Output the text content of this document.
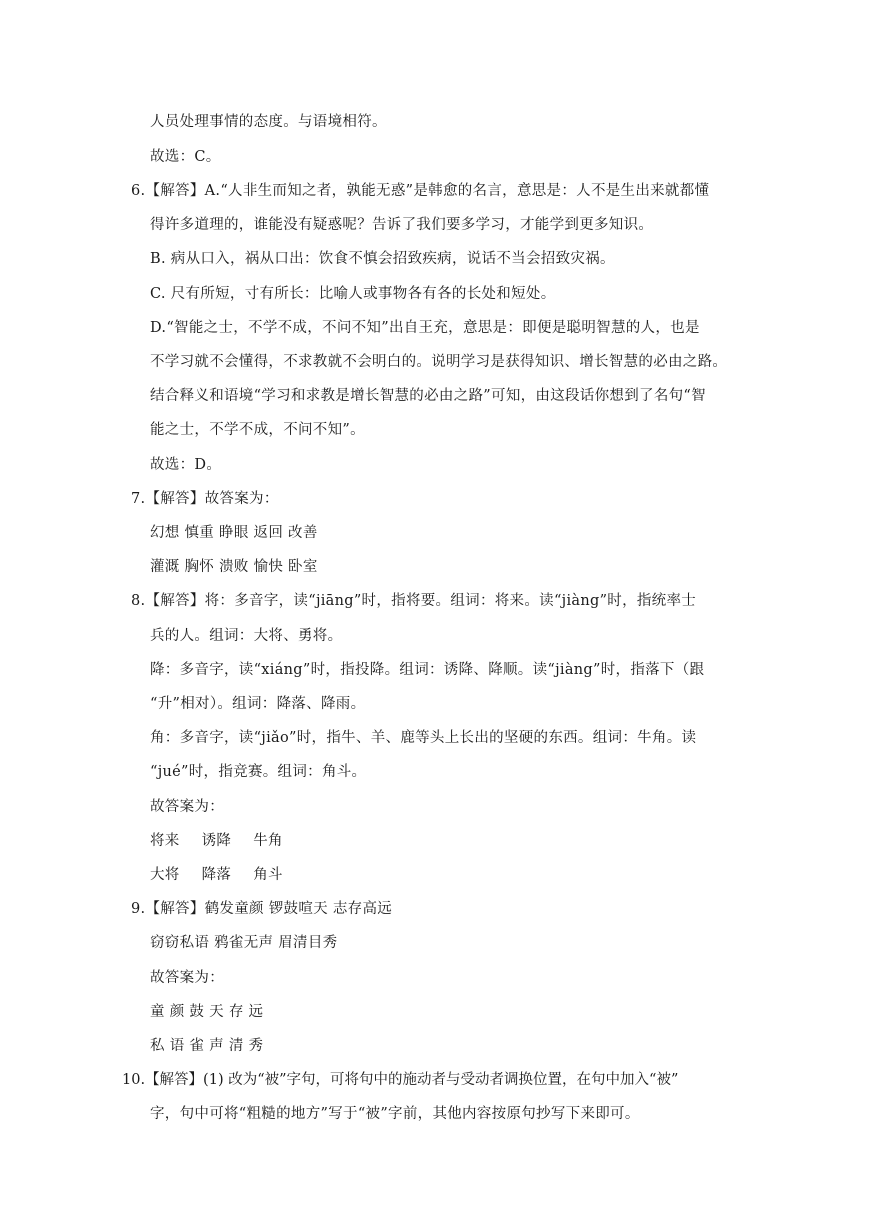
人员处理事情的态度。与语境相符。
故选：C。
6.【解答】A.“人非生而知之者，孰能无惑”是韩愈的名言，意思是：人不是生出来就都懂
得许多道理的，谁能没有疑惑呢？告诉了我们要多学习，才能学到更多知识。
B. 病从口入，祸从口出：饮食不慎会招致疾病，说话不当会招致灾祸。
C. 尺有所短，寸有所长：比喻人或事物各有各的长处和短处。
D.“智能之士，不学不成，不问不知”出自王充，意思是：即便是聪明智慧的人，也是
不学习就不会懂得，不求教就不会明白的。说明学习是获得知识、增长智慧的必由之路。
结合释义和语境“学习和求教是增长智慧的必由之路”可知，由这段话你想到了名句“智
能之士，不学不成，不问不知”。
故选：D。
7.【解答】故答案为：
幻想 慎重 睁眼 返回 改善
灌溉 胸怀 溃败 愉快 卧室
8.【解答】将：多音字，读“jiāng”时，指将要。组词：将来。读“jiàng”时，指统率士
兵的人。组词：大将、勇将。
降：多音字，读“xiáng”时，指投降。组词：诱降、降顺。读“jiàng”时，指落下（跟
“升”相对）。组词：降落、降雨。
角：多音字，读“jiǎo”时，指牛、羊、鹿等头上长出的坚硬的东西。组词：牛角。读
“jué”时，指竞赛。组词：角斗。
故答案为：
将来 诱降 牛角
大将 降落 角斗
9.【解答】鹤发童颜 锣鼓喧天 志存高远
窃窃私语 鸦雀无声 眉清目秀
故答案为：
童 颜 鼓 天 存 远
私 语 雀 声 清 秀
10.【解答】(1) 改为“被”字句，可将句中的施动者与受动者调换位置，在句中加入“被”
字，句中可将“粗糙的地方”写于“被”字前，其他内容按原句抄写下来即可。
